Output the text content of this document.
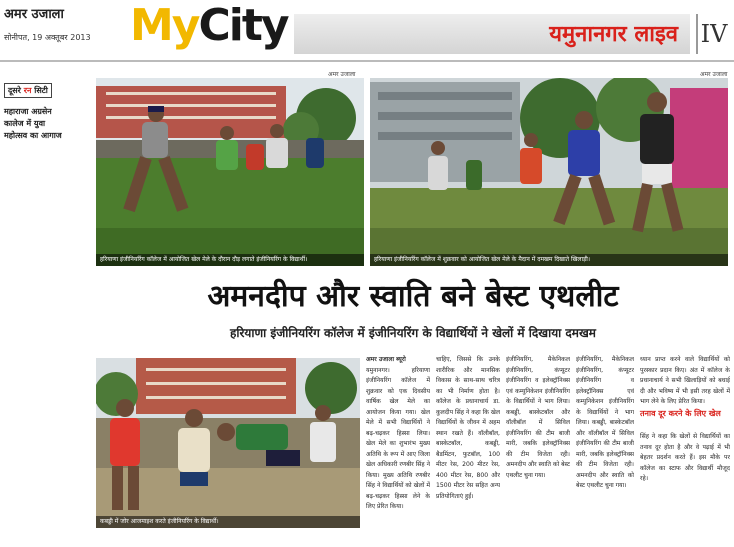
अमर उजाला
सोनीपत, 19 अक्तूबर 2013 MyCity	यमुनानगर लाइव IV
दूसरे रन सिटी
महाराजा अग्रसेन
कालेज में युवा
महोत्सव का आगाज
अमर उजाला
हरियाणा इंजीनियरिंग कॉलेज में आयोजित खेल मेले के दौरान दौड़ लगाते इंजीनियरिंग के विद्यार्थी।
अमर उजाला
हरियाणा इंजीनियरिंग कॉलेज में शुक्रवार को आयोजित खेल मेले के मैदान में दमखम दिखाते खिलाड़ी।
अमनदीप और स्वाति बने बेस्ट एथलीट
हरियाणा इंजीनियरिंग कॉलेज में इंजीनियरिंग के विद्यार्थियों ने खेलों में दिखाया दमखम
कबड्डी में जोर आजमाइश करते इंजीनियरिंग के विद्यार्थी।
अमर उजाला ब्यूरो
यमुनानगर। हरियाणा इंजीनियरिंग कॉलेज में शुक्रवार को एक दिवसीय वार्षिक खेल मेले का आयोजन किया गया। खेल मेले में सभी विद्यार्थियों ने बढ़-चढ़कर हिस्सा लिया। खेल मेले का शुभारंभ मुख्य अतिथि के रूप में आए जिला खेल अधिकारी रणबीर सिंह ने किया। मुख्य अतिथि रणबीर सिंह ने विद्यार्थियों को खेलों में बढ़-चढ़कर हिस्सा लेने के लिए प्रेरित किया।
चाहिए, जिससे कि उनके शारीरिक और मानसिक विकास के साथ-साथ चरित्र का भी निर्माण होता है। कॉलेज के प्रधानाचार्य डा. कुलदीप सिंह ने कहा कि खेल विद्यार्थियों के जीवन में अहम स्थान रखते हैं। वॉलीबॉल, बास्केटबॉल, कबड्डी, बैडमिंटन, फुटबॉल, 100 मीटर रेस, 200 मीटर रेस, 400 मीटर रेस, 800 और 1500 मीटर रेस सहित अन्य प्रतियोगिताएं हुईं।
इंजीनियरिंग, मैकेनिकल इंजीनियरिंग, कंप्यूटर इंजीनियरिंग व इलेक्ट्रॉनिक्स एवं कम्युनिकेशन इंजीनियरिंग के विद्यार्थियों ने भाग लिया। कबड्डी, बास्केटबॉल और वॉलीबॉल में सिविल इंजीनियरिंग की टीम बाजी मारी, जबकि इलेक्ट्रॉनिक्स की टीम विजेता रही। अमनदीप और स्वाति को बेस्ट एथलीट चुना गया।
इंजीनियरिंग, मैकेनिकल इंजीनियरिंग, कंप्यूटर इंजीनियरिंग व इलेक्ट्रॉनिक्स एवं कम्युनिकेशन इंजीनियरिंग के विद्यार्थियों ने भाग लिया। कबड्डी, बास्केटबॉल और वॉलीबॉल में सिविल इंजीनियरिंग की टीम बाजी मारी, जबकि इलेक्ट्रॉनिक्स की टीम विजेता रही। अमनदीप और स्वाति को बेस्ट एथलीट चुना गया।
ध्यान प्राप्त करने वाले विद्यार्थियों को पुरस्कार प्रदान किए। अंत में कॉलेज के प्रधानाचार्य ने सभी खिलाड़ियों को बधाई दी और भविष्य में भी इसी तरह खेलों में भाग लेने के लिए प्रेरित किया।
तनाव दूर करने के लिए खेल
सिंह ने कहा कि खेलों से विद्यार्थियों का तनाव दूर होता है और वे पढ़ाई में भी बेहतर प्रदर्शन करते हैं। इस मौके पर कॉलेज का स्टाफ और विद्यार्थी मौजूद रहे।
